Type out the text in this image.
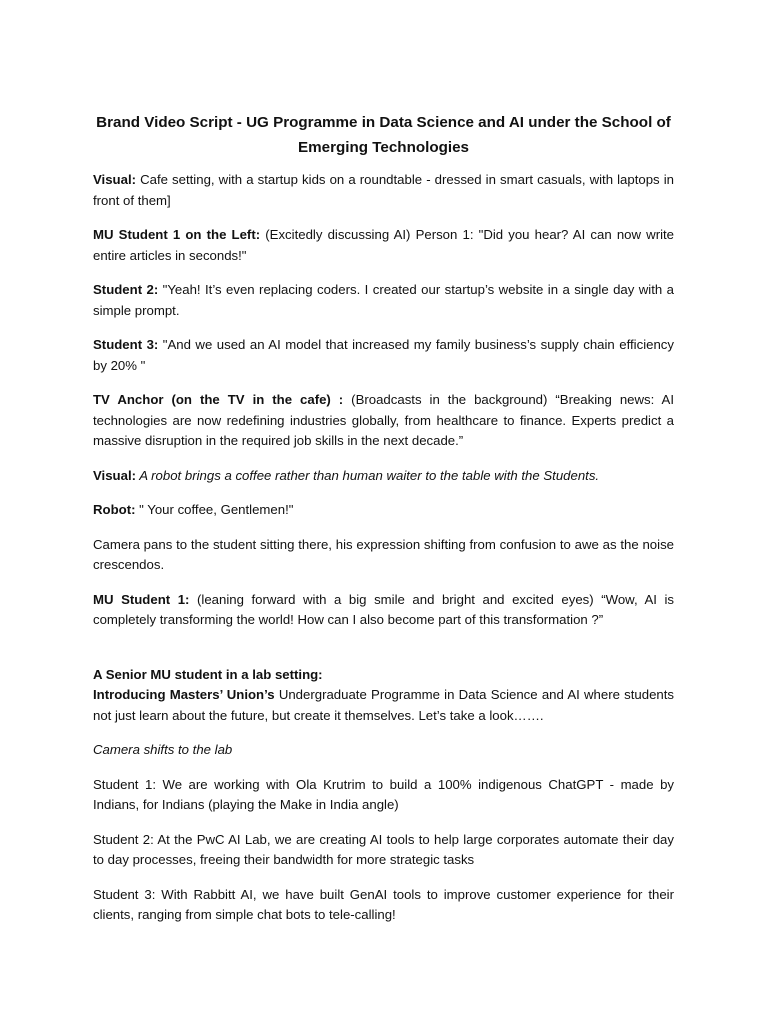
Brand Video Script - UG Programme in Data Science and AI under the School of Emerging Technologies

Visual: Cafe setting, with a startup kids on a roundtable - dressed in smart casuals, with laptops in front of them]

MU Student 1 on the Left: (Excitedly discussing AI) Person 1: "Did you hear? AI can now write entire articles in seconds!"

Student 2: "Yeah! It’s even replacing coders. I created our startup’s website in a single day with a simple prompt.

Student 3: "And we used an AI model that increased my family business’s supply chain efficiency by 20% "

TV Anchor (on the TV in the cafe) : (Broadcasts in the background) “Breaking news: AI technologies are now redefining industries globally, from healthcare to finance. Experts predict a massive disruption in the required job skills in the next decade.”

Visual: A robot brings a coffee rather than human waiter to the table with the Students.

Robot: " Your coffee, Gentlemen!"

Camera pans to the student sitting there, his expression shifting from confusion to awe as the noise crescendos.

MU Student 1: (leaning forward with a big smile and bright and excited eyes) “Wow, AI is completely transforming the world! How can I also become part of this transformation ?”

A Senior MU student in a lab setting:

Introducing Masters’ Union’s Undergraduate Programme in Data Science and AI where students not just learn about the future, but create it themselves. Let’s take a look…….

Camera shifts to the lab

Student 1: We are working with Ola Krutrim to build a 100% indigenous ChatGPT - made by Indians, for Indians (playing the Make in India angle)

Student 2: At the PwC AI Lab, we are creating AI tools to help large corporates automate their day to day processes, freeing their bandwidth for more strategic tasks

Student 3: With Rabbitt AI, we have built GenAI tools to improve customer experience for their clients, ranging from simple chat bots to tele-calling!
